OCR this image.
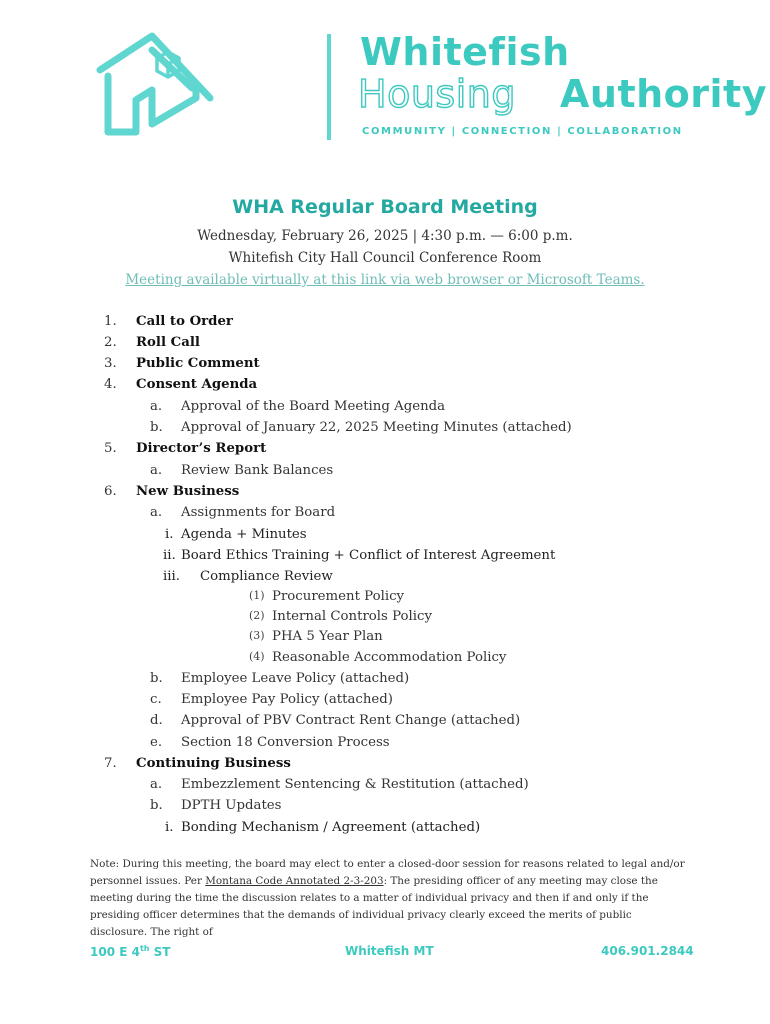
Whitefish
Housing Authority
COMMUNITY | CONNECTION | COLLABORATION
WHA Regular Board Meeting
Wednesday, February 26, 2025 | 4:30 p.m. — 6:00 p.m.
Whitefish City Hall Council Conference Room
Meeting available virtually at this link via web browser or Microsoft Teams.
1. Call to Order
2. Roll Call
3. Public Comment
4. Consent Agenda
a. Approval of the Board Meeting Agenda
b. Approval of January 22, 2025 Meeting Minutes (attached)
5. Director’s Report
a. Review Bank Balances
6. New Business
a. Assignments for Board
i. Agenda + Minutes
ii. Board Ethics Training + Conflict of Interest Agreement
iii. Compliance Review
(1) Procurement Policy
(2) Internal Controls Policy
(3) PHA 5 Year Plan
(4) Reasonable Accommodation Policy
b. Employee Leave Policy (attached)
c. Employee Pay Policy (attached)
d. Approval of PBV Contract Rent Change (attached)
e. Section 18 Conversion Process
7. Continuing Business
a. Embezzlement Sentencing & Restitution (attached)
b. DPTH Updates
i. Bonding Mechanism / Agreement (attached)
Note: During this meeting, the board may elect to enter a closed-door session for reasons related to legal and/or personnel issues. Per Montana Code Annotated 2-3-203: The presiding officer of any meeting may close the meeting during the time the discussion relates to a matter of individual privacy and then if and only if the presiding officer determines that the demands of individual privacy clearly exceed the merits of public disclosure. The right of
100 E 4th ST	Whitefish MT	406.901.2844
